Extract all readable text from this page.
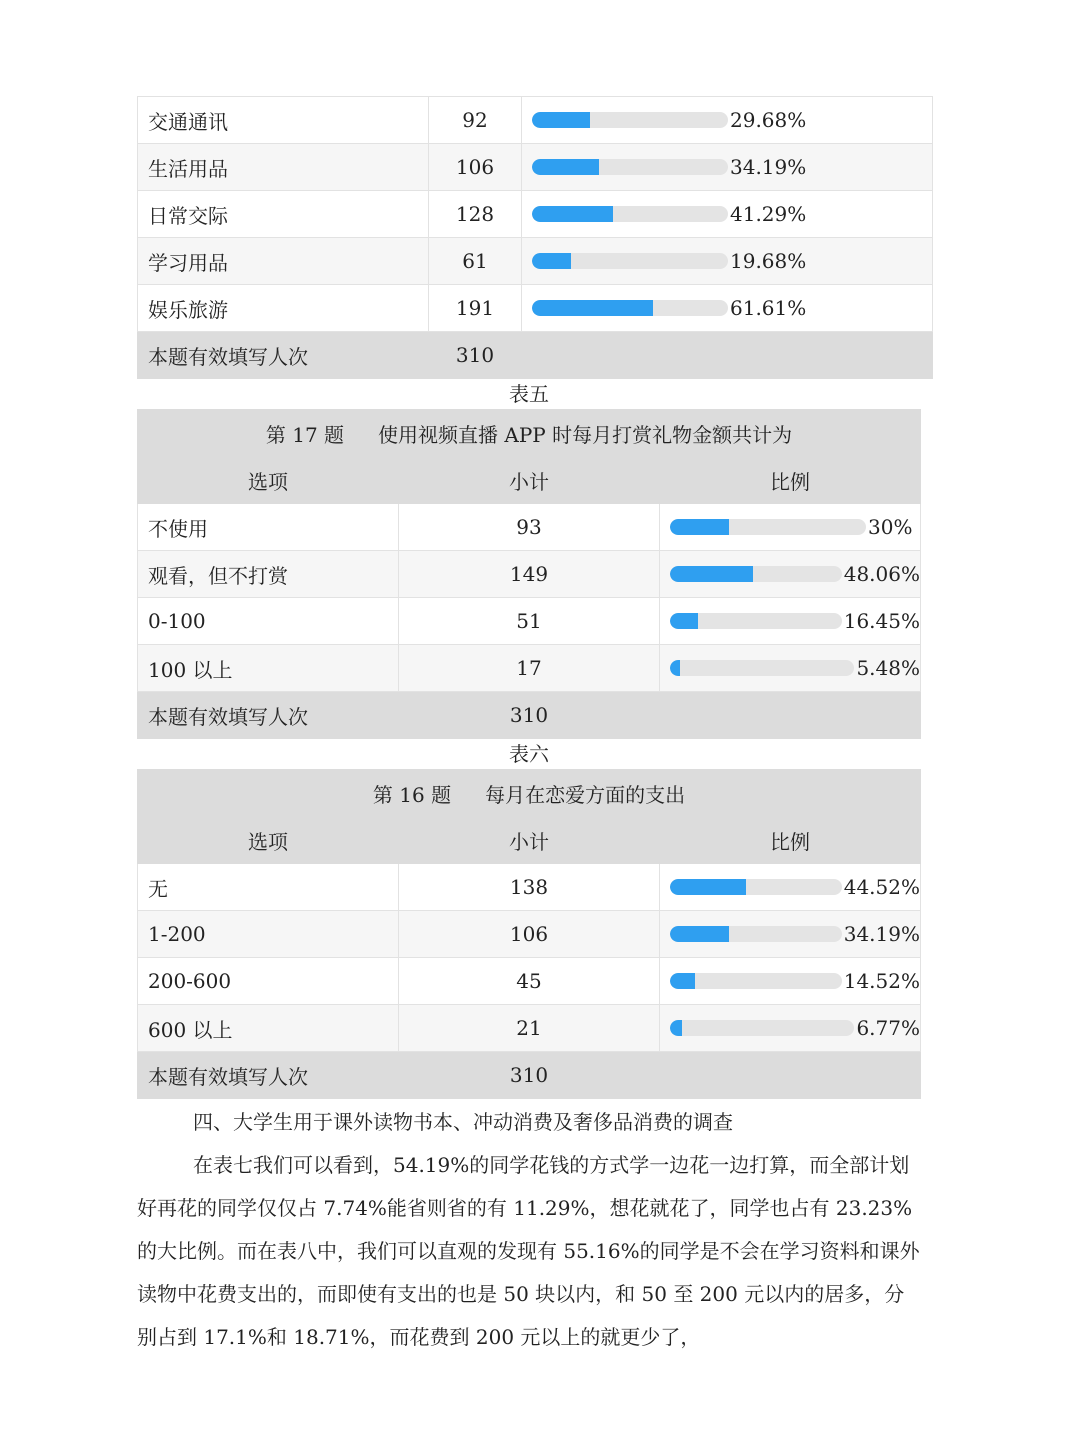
交通通讯	92	29.68%

生活用品	106	34.19%

日常交际	128	41.29%

学习用品	61	19.68%

娱乐旅游	191	61.61%

本题有效填写人次	310	
表五
第 17 题 使用视频直播 APP 时每月打赏礼物金额共计为		
选项	小计	比例
不使用	93	30%

观看，但不打赏	149	48.06%

0-100	51	16.45%

100 以上	17	5.48%

本题有效填写人次	310	
表六
第 16 题 每月在恋爱方面的支出		
选项	小计	比例
无	138	44.52%

1-200	106	34.19%

200-600	45	14.52%

600 以上	21	6.77%

本题有效填写人次	310	
四、大学生用于课外读物书本、冲动消费及奢侈品消费的调查

在表七我们可以看到，54.19%的同学花钱的方式学一边花一边打算，而全部计划好再花的同学仅仅占 7.74%能省则省的有 11.29%，想花就花了，同学也占有 23.23%的大比例。而在表八中，我们可以直观的发现有 55.16%的同学是不会在学习资料和课外读物中花费支出的，而即使有支出的也是 50 块以内，和 50 至 200 元以内的居多，分别占到 17.1%和 18.71%，而花费到 200 元以上的就更少了，
